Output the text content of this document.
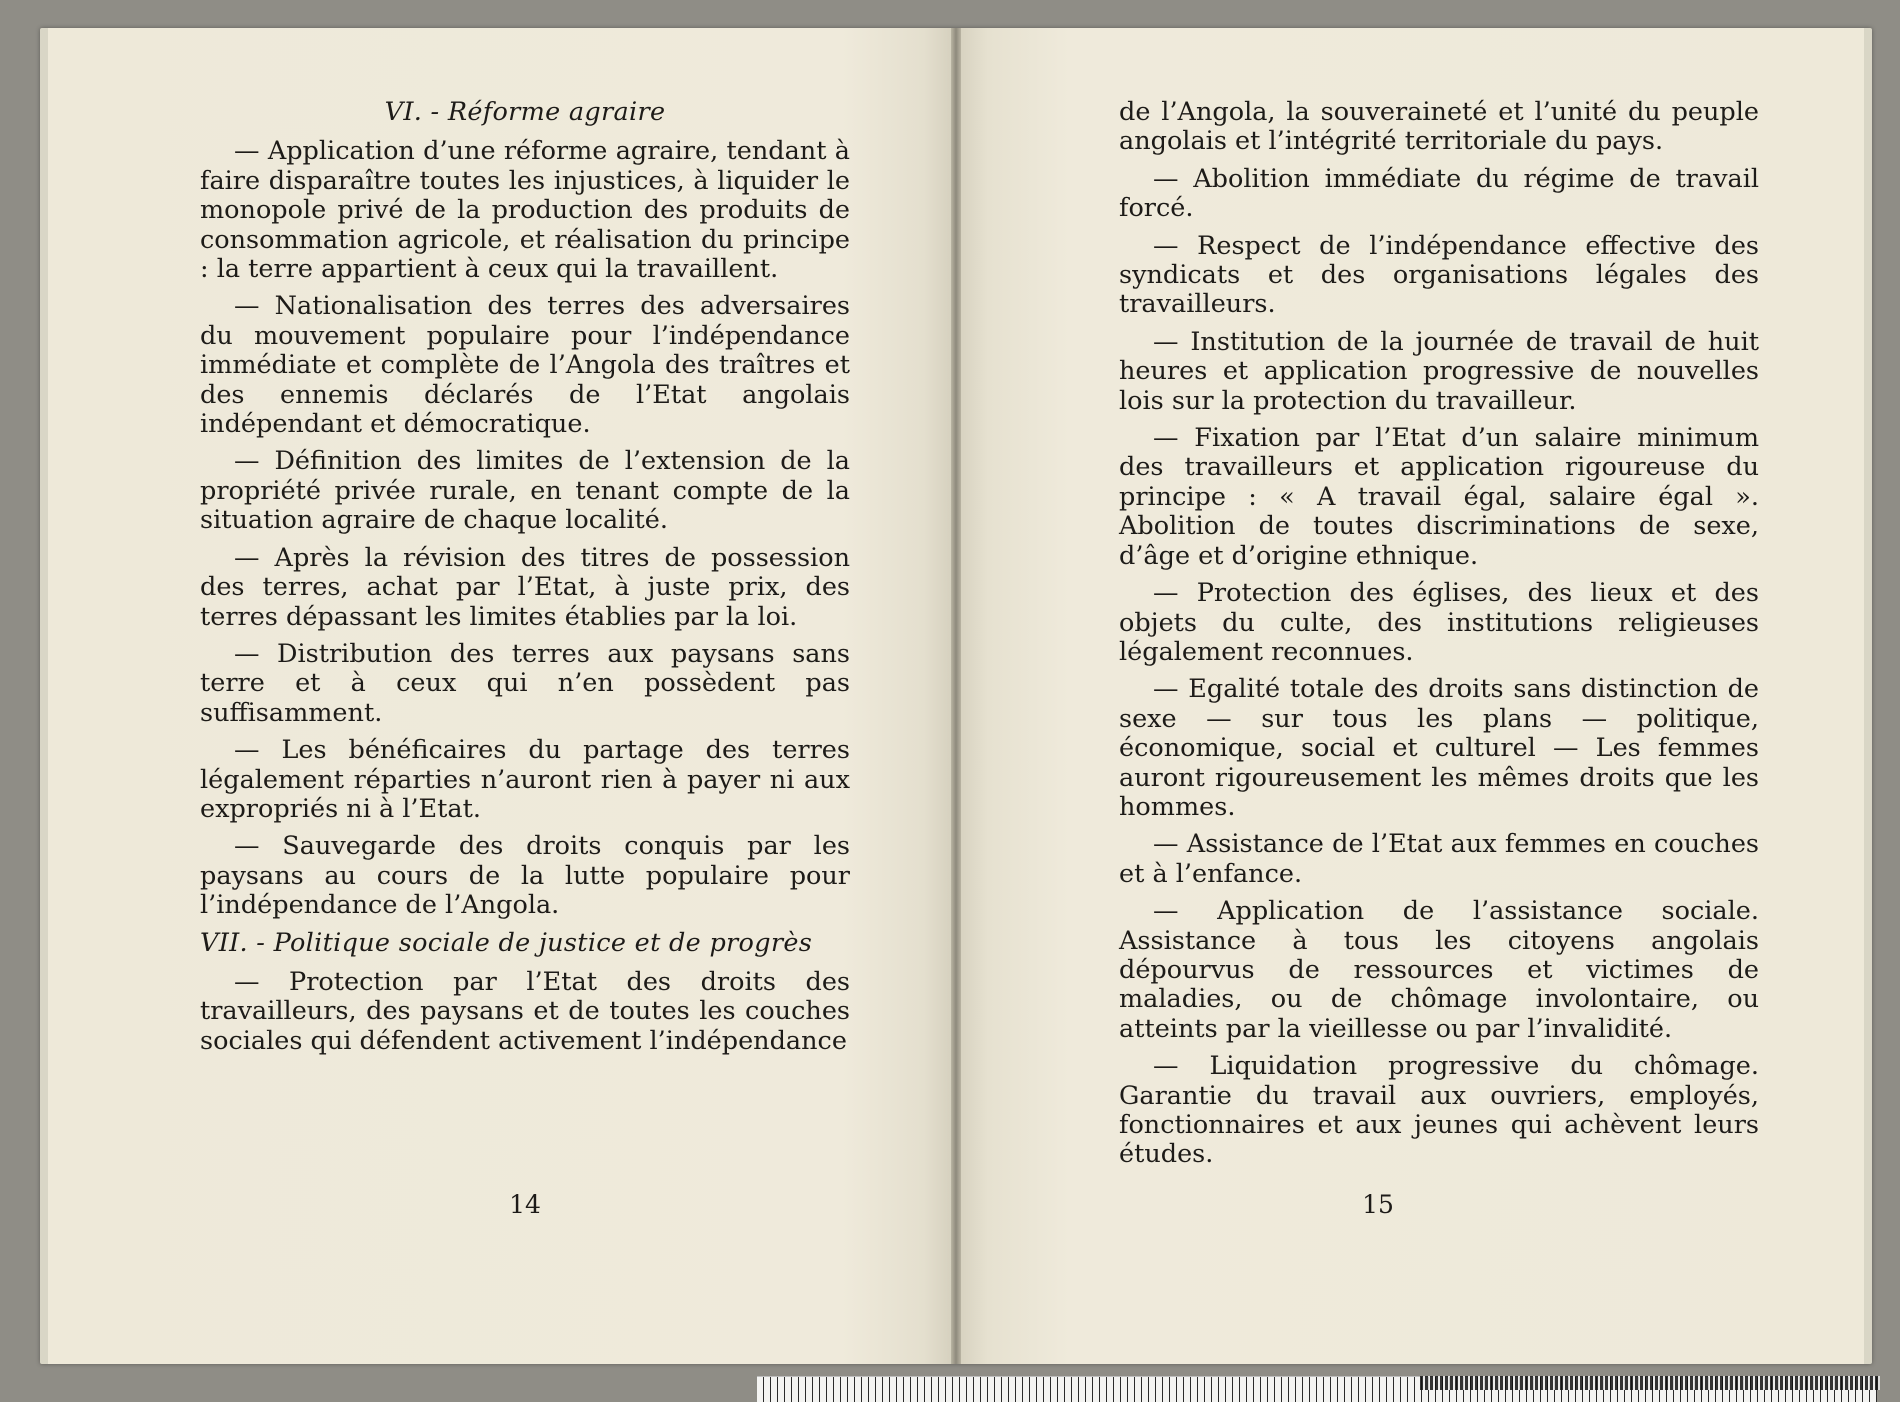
VI. - Réforme agraire

— Application d’une réforme agraire, tendant à faire disparaître toutes les injustices, à liquider le monopole privé de la production des produits de consommation agricole, et réalisation du principe : la terre appartient à ceux qui la travaillent.

— Nationalisation des terres des adversaires du mouvement populaire pour l’indépendance immédiate et complète de l’Angola des traîtres et des ennemis déclarés de l’Etat angolais indépendant et démocratique.

— Définition des limites de l’extension de la propriété privée rurale, en tenant compte de la situation agraire de chaque localité.

— Après la révision des titres de possession des terres, achat par l’Etat, à juste prix, des terres dépassant les limites établies par la loi.

— Distribution des terres aux paysans sans terre et à ceux qui n’en possèdent pas suffisamment.

— Les bénéficaires du partage des terres légalement réparties n’auront rien à payer ni aux expropriés ni à l’Etat.

— Sauvegarde des droits conquis par les paysans au cours de la lutte populaire pour l’indépendance de l’Angola.

VII. - Politique sociale de justice et de progrès

— Protection par l’Etat des droits des travailleurs, des paysans et de toutes les couches sociales qui défendent activement l’indépendance

14

de l’Angola, la souveraineté et l’unité du peuple angolais et l’intégrité territoriale du pays.

— Abolition immédiate du régime de travail forcé.

— Respect de l’indépendance effective des syndicats et des organisations légales des travailleurs.

— Institution de la journée de travail de huit heures et application progressive de nouvelles lois sur la protection du travailleur.

— Fixation par l’Etat d’un salaire minimum des travailleurs et application rigoureuse du principe : « A travail égal, salaire égal ». Abolition de toutes discriminations de sexe, d’âge et d’origine ethnique.

— Protection des églises, des lieux et des objets du culte, des institutions religieuses légalement reconnues.

— Egalité totale des droits sans distinction de sexe — sur tous les plans — politique, économique, social et culturel — Les femmes auront rigoureusement les mêmes droits que les hommes.

— Assistance de l’Etat aux femmes en couches et à l’enfance.

— Application de l’assistance sociale. Assistance à tous les citoyens angolais dépourvus de ressources et victimes de maladies, ou de chômage involontaire, ou atteints par la vieillesse ou par l’invalidité.

— Liquidation progressive du chômage. Garantie du travail aux ouvriers, employés, fonctionnaires et aux jeunes qui achèvent leurs études.

15
